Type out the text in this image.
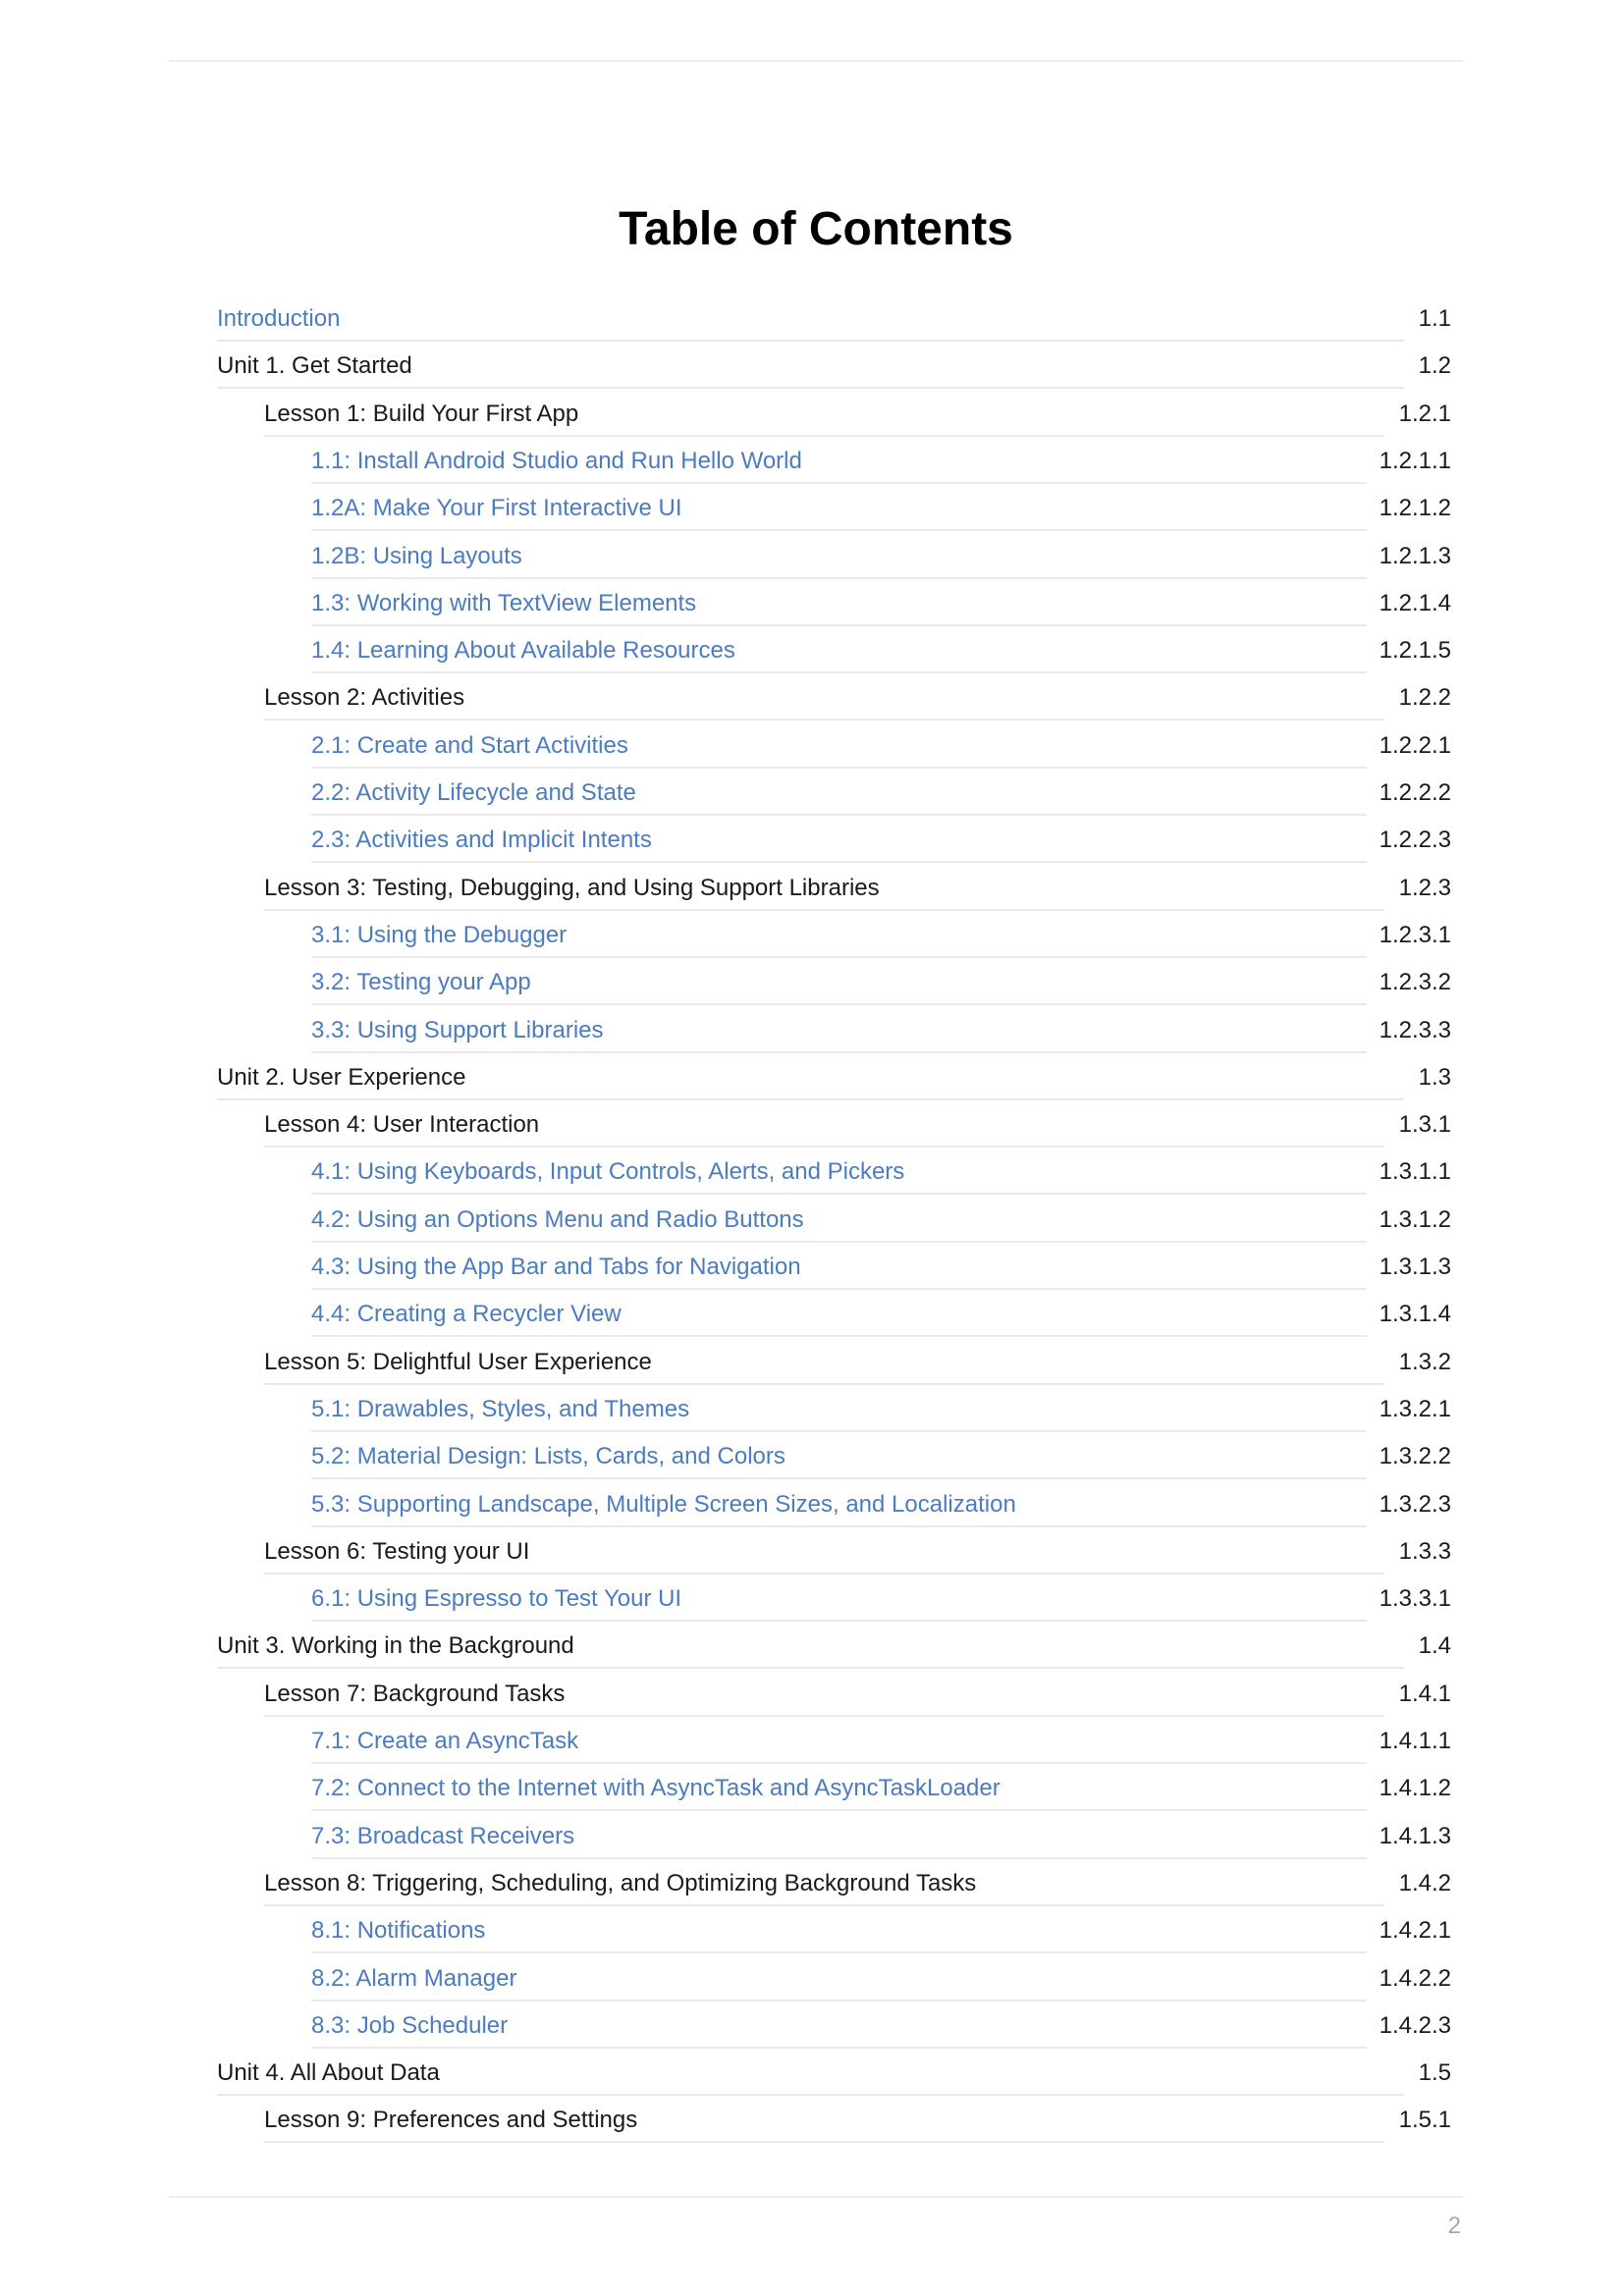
Table of Contents
Introduction	1.1
Unit 1. Get Started	1.2
Lesson 1: Build Your First App	1.2.1
1.1: Install Android Studio and Run Hello World	1.2.1.1
1.2A: Make Your First Interactive UI	1.2.1.2
1.2B: Using Layouts	1.2.1.3
1.3: Working with TextView Elements	1.2.1.4
1.4: Learning About Available Resources	1.2.1.5
Lesson 2: Activities	1.2.2
2.1: Create and Start Activities	1.2.2.1
2.2: Activity Lifecycle and State	1.2.2.2
2.3: Activities and Implicit Intents	1.2.2.3
Lesson 3: Testing, Debugging, and Using Support Libraries	1.2.3
3.1: Using the Debugger	1.2.3.1
3.2: Testing your App	1.2.3.2
3.3: Using Support Libraries	1.2.3.3
Unit 2. User Experience	1.3
Lesson 4: User Interaction	1.3.1
4.1: Using Keyboards, Input Controls, Alerts, and Pickers	1.3.1.1
4.2: Using an Options Menu and Radio Buttons	1.3.1.2
4.3: Using the App Bar and Tabs for Navigation	1.3.1.3
4.4: Creating a Recycler View	1.3.1.4
Lesson 5: Delightful User Experience	1.3.2
5.1: Drawables, Styles, and Themes	1.3.2.1
5.2: Material Design: Lists, Cards, and Colors	1.3.2.2
5.3: Supporting Landscape, Multiple Screen Sizes, and Localization	1.3.2.3
Lesson 6: Testing your UI	1.3.3
6.1: Using Espresso to Test Your UI	1.3.3.1
Unit 3. Working in the Background	1.4
Lesson 7: Background Tasks	1.4.1
7.1: Create an AsyncTask	1.4.1.1
7.2: Connect to the Internet with AsyncTask and AsyncTaskLoader	1.4.1.2
7.3: Broadcast Receivers	1.4.1.3
Lesson 8: Triggering, Scheduling, and Optimizing Background Tasks	1.4.2
8.1: Notifications	1.4.2.1
8.2: Alarm Manager	1.4.2.2
8.3: Job Scheduler	1.4.2.3
Unit 4. All About Data	1.5
Lesson 9: Preferences and Settings	1.5.1
2
